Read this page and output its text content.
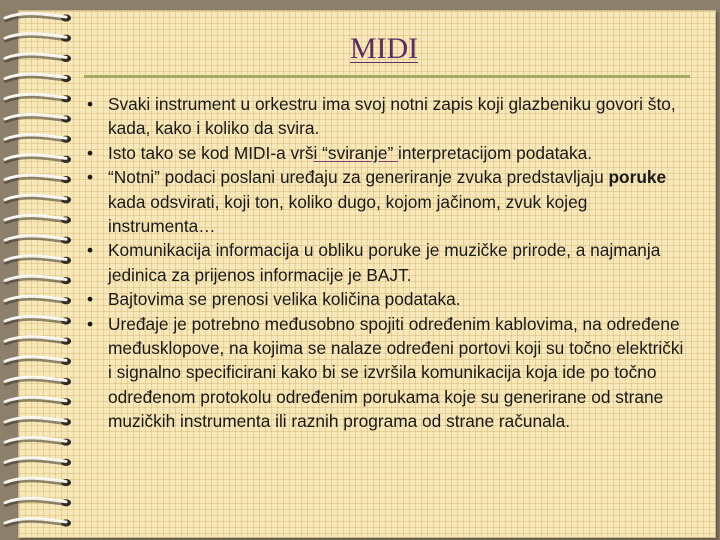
MIDI
• Svaki instrument u orkestru ima svoj notni zapis koji glazbeniku govori što, kada, kako i koliko da svira.
• Isto tako se kod MIDI-a vrši “sviranje” interpretacijom podataka.
• “Notni” podaci poslani uređaju za generiranje zvuka predstavljaju poruke kada odsvirati, koji ton, koliko dugo, kojom jačinom, zvuk kojeg instrumenta…
• Komunikacija informacija u obliku poruke je muzičke prirode, a najmanja jedinica za prijenos informacije je BAJT.
• Bajtovima se prenosi velika količina podataka.
• Uređaje je potrebno međusobno spojiti određenim kablovima, na određene međusklopove, na kojima se nalaze određeni portovi koji su točno električki i signalno specificirani kako bi se izvršila komunikacija koja ide po točno određenom protokolu određenim porukama koje su generirane od strane muzičkih instrumenta ili raznih programa od strane računala.
